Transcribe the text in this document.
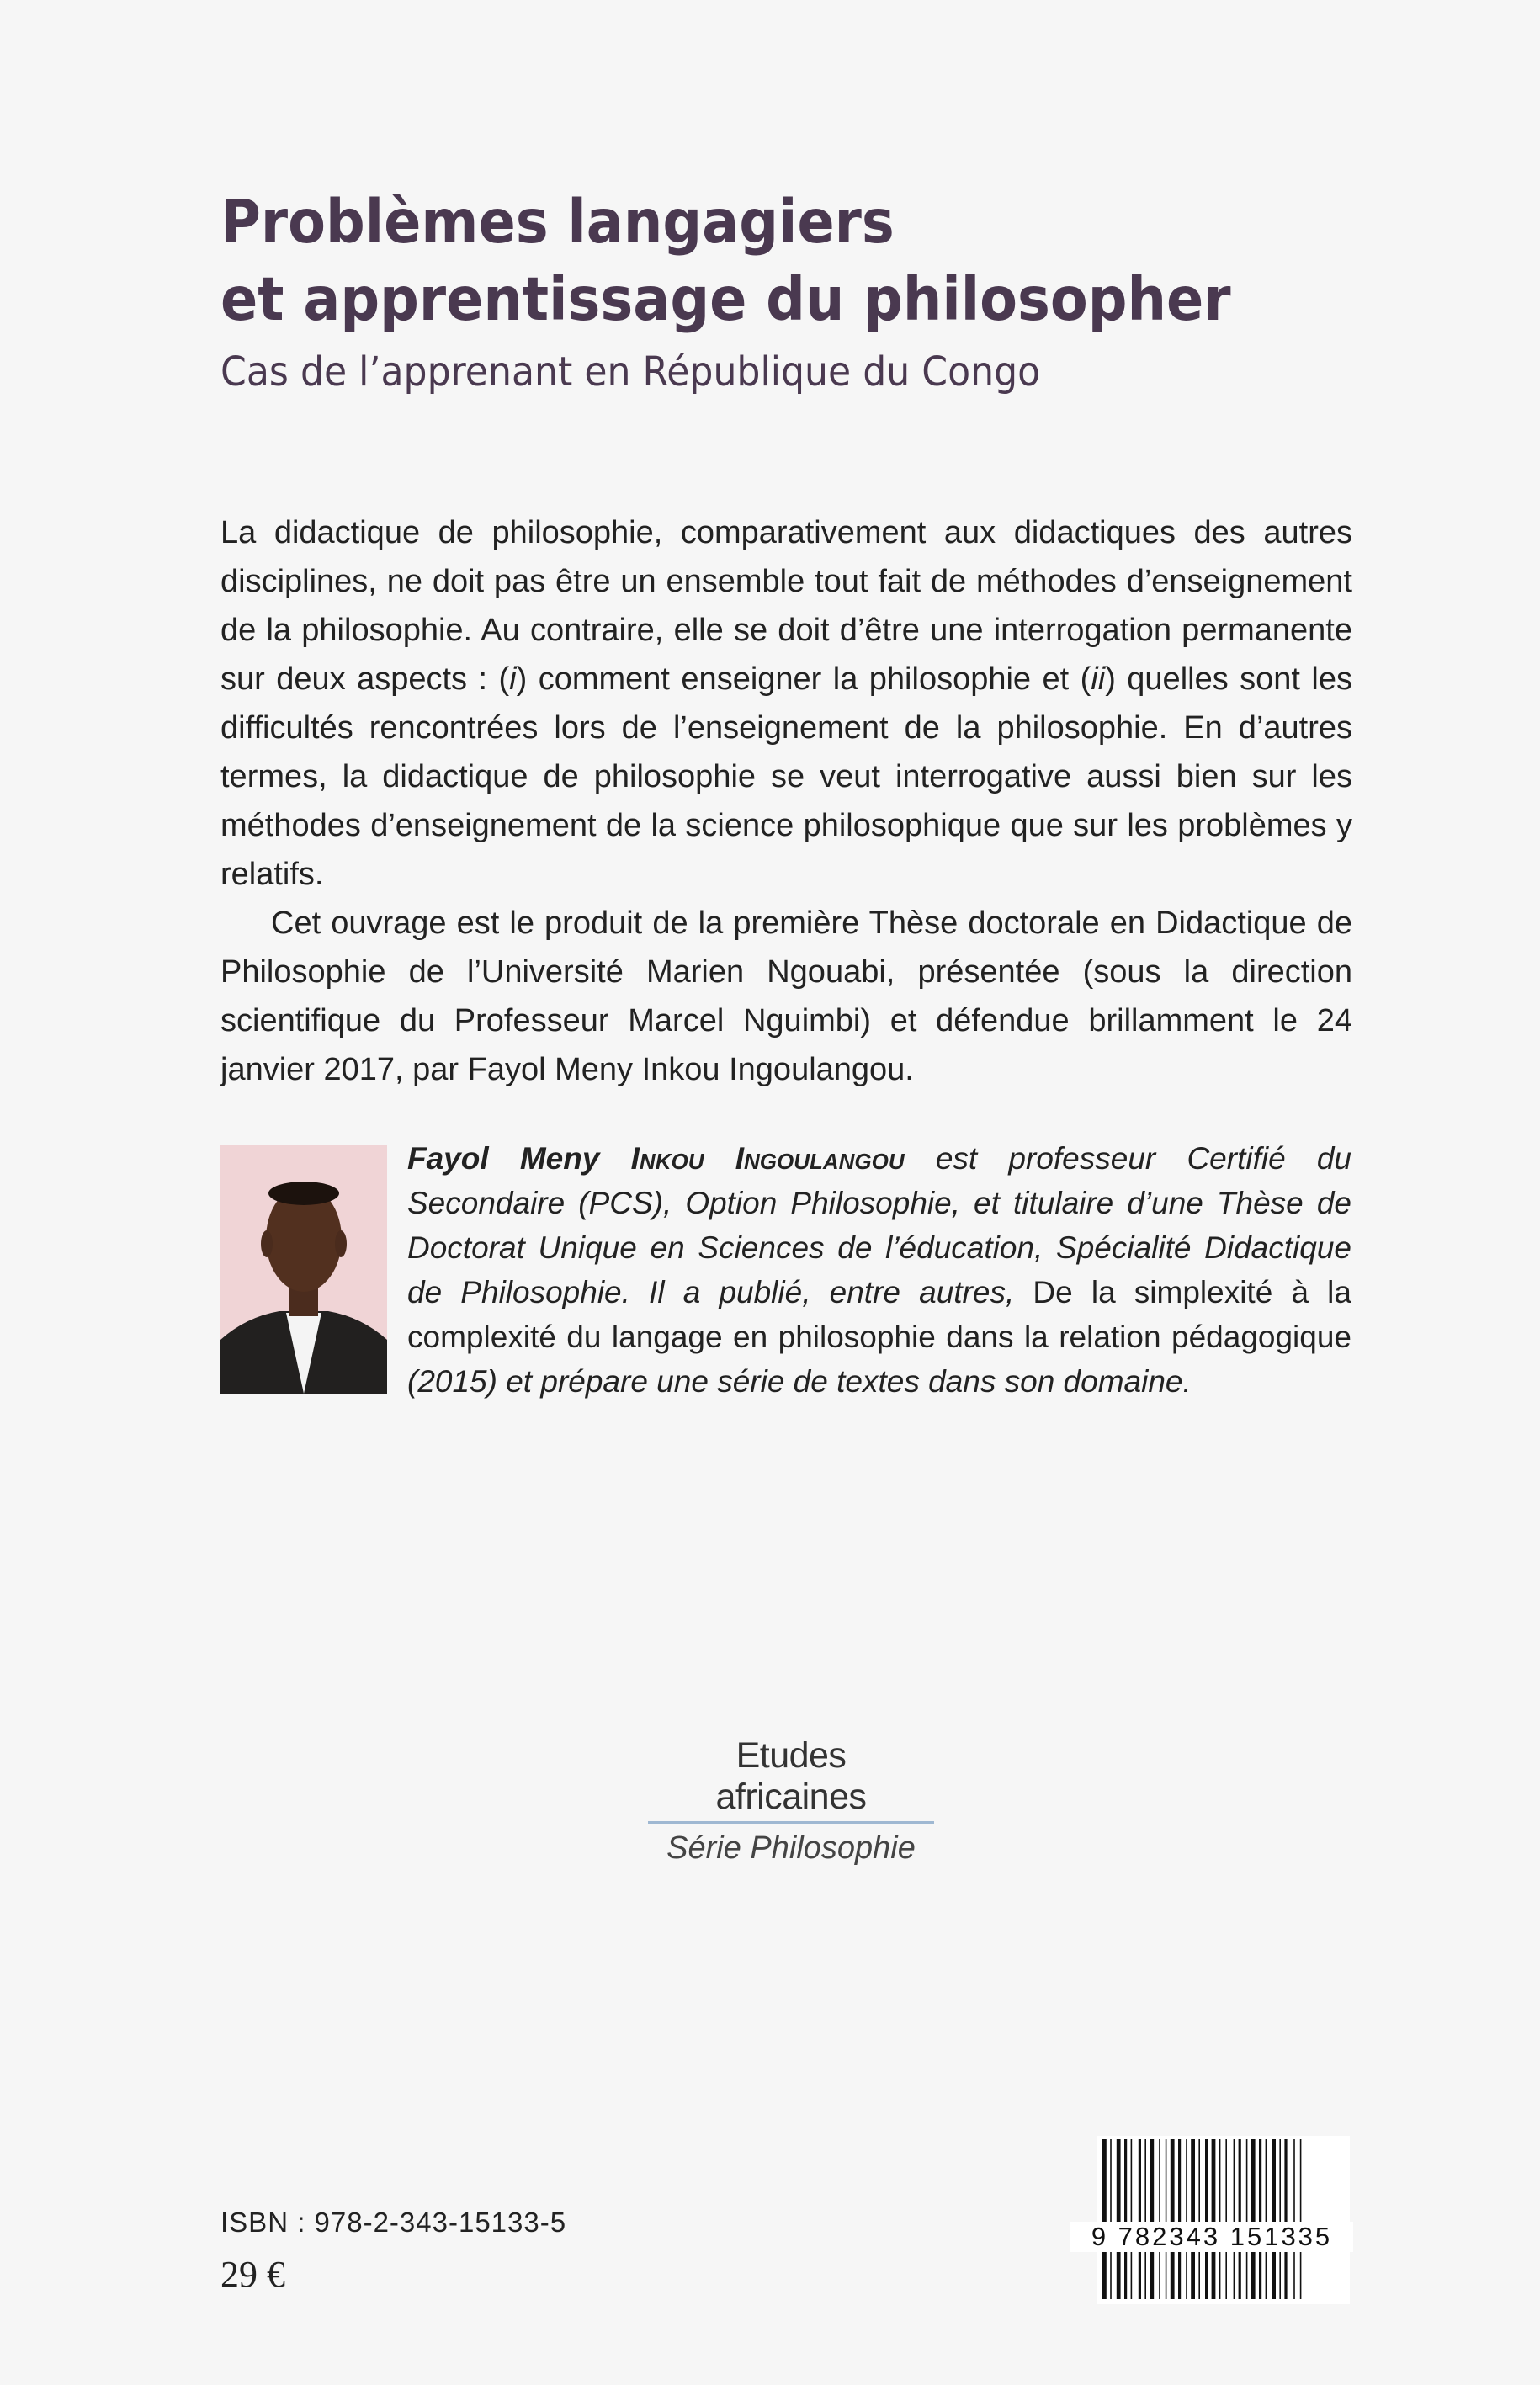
Problèmes langagiers
et apprentissage du philosopher
Cas de l’apprenant en République du Congo

La didactique de philosophie, comparativement aux didactiques des autres disciplines, ne doit pas être un ensemble tout fait de méthodes d’enseignement de la philosophie. Au contraire, elle se doit d’être une interrogation permanente sur deux aspects : (i) comment enseigner la philosophie et (ii) quelles sont les difficultés rencontrées lors de l’enseignement de la philosophie. En d’autres termes, la didactique de philosophie se veut interrogative aussi bien sur les méthodes d’enseignement de la science philosophique que sur les problèmes y relatifs.

Cet ouvrage est le produit de la première Thèse doctorale en Didactique de Philosophie de l’Université Marien Ngouabi, présentée (sous la direction scientifique du Professeur Marcel Nguimbi) et défendue brillamment le 24 janvier 2017, par Fayol Meny Inkou Ingoulangou.

Fayol Meny Inkou Ingoulangou est professeur Certifié du Secondaire (PCS), Option Philosophie, et titulaire d’une Thèse de Doctorat Unique en Sciences de l’éducation, Spécialité Didactique de Philosophie. Il a publié, entre autres, De la simplexité à la complexité du langage en philosophie dans la relation pédagogique (2015) et prépare une série de textes dans son domaine.
Etudes africaines
Série Philosophie
ISBN : 978-2-343-15133-5
29 €
9 782343 151335
